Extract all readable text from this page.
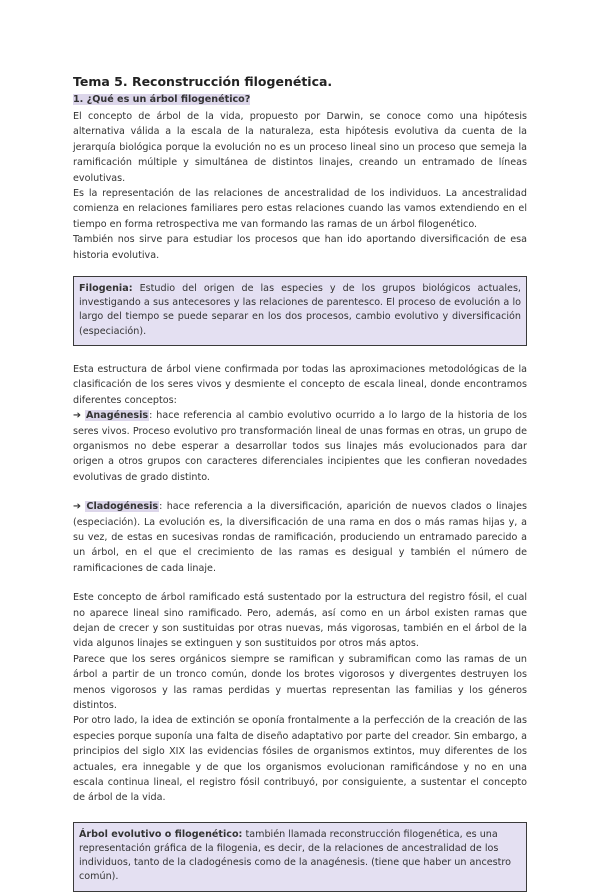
Tema 5. Reconstrucción filogenética.
1. ¿Qué es un árbol filogenético?

El concepto de árbol de la vida, propuesto por Darwin, se conoce como una hipótesis alternativa válida a la escala de la naturaleza, esta hipótesis evolutiva da cuenta de la jerarquía biológica porque la evolución no es un proceso lineal sino un proceso que semeja la ramificación múltiple y simultánea de distintos linajes, creando un entramado de líneas evolutivas.

Es la representación de las relaciones de ancestralidad de los individuos. La ancestralidad comienza en relaciones familiares pero estas relaciones cuando las vamos extendiendo en el tiempo en forma retrospectiva me van formando las ramas de un árbol filogenético.

También nos sirve para estudiar los procesos que han ido aportando diversificación de esa historia evolutiva.

Filogenia: Estudio del origen de las especies y de los grupos biológicos actuales, investigando a sus antecesores y las relaciones de parentesco. El proceso de evolución a lo largo del tiempo se puede separar en los dos procesos, cambio evolutivo y diversificación (especiación).

Esta estructura de árbol viene confirmada por todas las aproximaciones metodológicas de la clasificación de los seres vivos y desmiente el concepto de escala lineal, donde encontramos diferentes conceptos:

➔ Anagénesis: hace referencia al cambio evolutivo ocurrido a lo largo de la historia de los seres vivos. Proceso evolutivo pro transformación lineal de unas formas en otras, un grupo de organismos no debe esperar a desarrollar todos sus linajes más evolucionados para dar origen a otros grupos con caracteres diferenciales incipientes que les confieran novedades evolutivas de grado distinto.

➔ Cladogénesis: hace referencia a la diversificación, aparición de nuevos clados o linajes (especiación). La evolución es, la diversificación de una rama en dos o más ramas hijas y, a su vez, de estas en sucesivas rondas de ramificación, produciendo un entramado parecido a un árbol, en el que el crecimiento de las ramas es desigual y también el número de ramificaciones de cada linaje.

Este concepto de árbol ramificado está sustentado por la estructura del registro fósil, el cual no aparece lineal sino ramificado. Pero, además, así como en un árbol existen ramas que dejan de crecer y son sustituidas por otras nuevas, más vigorosas, también en el árbol de la vida algunos linajes se extinguen y son sustituidos por otros más aptos.

Parece que los seres orgánicos siempre se ramifican y subramifican como las ramas de un árbol a partir de un tronco común, donde los brotes vigorosos y divergentes destruyen los menos vigorosos y las ramas perdidas y muertas representan las familias y los géneros distintos.

Por otro lado, la idea de extinción se oponía frontalmente a la perfección de la creación de las especies porque suponía una falta de diseño adaptativo por parte del creador. Sin embargo, a principios del siglo XIX las evidencias fósiles de organismos extintos, muy diferentes de los actuales, era innegable y de que los organismos evolucionan ramificándose y no en una escala continua lineal, el registro fósil contribuyó, por consiguiente, a sustentar el concepto de árbol de la vida.

Árbol evolutivo o filogenético: también llamada reconstrucción filogenética, es una representación gráfica de la filogenia, es decir, de la relaciones de ancestralidad de los individuos, tanto de la cladogénesis como de la anagénesis. (tiene que haber un ancestro común).
